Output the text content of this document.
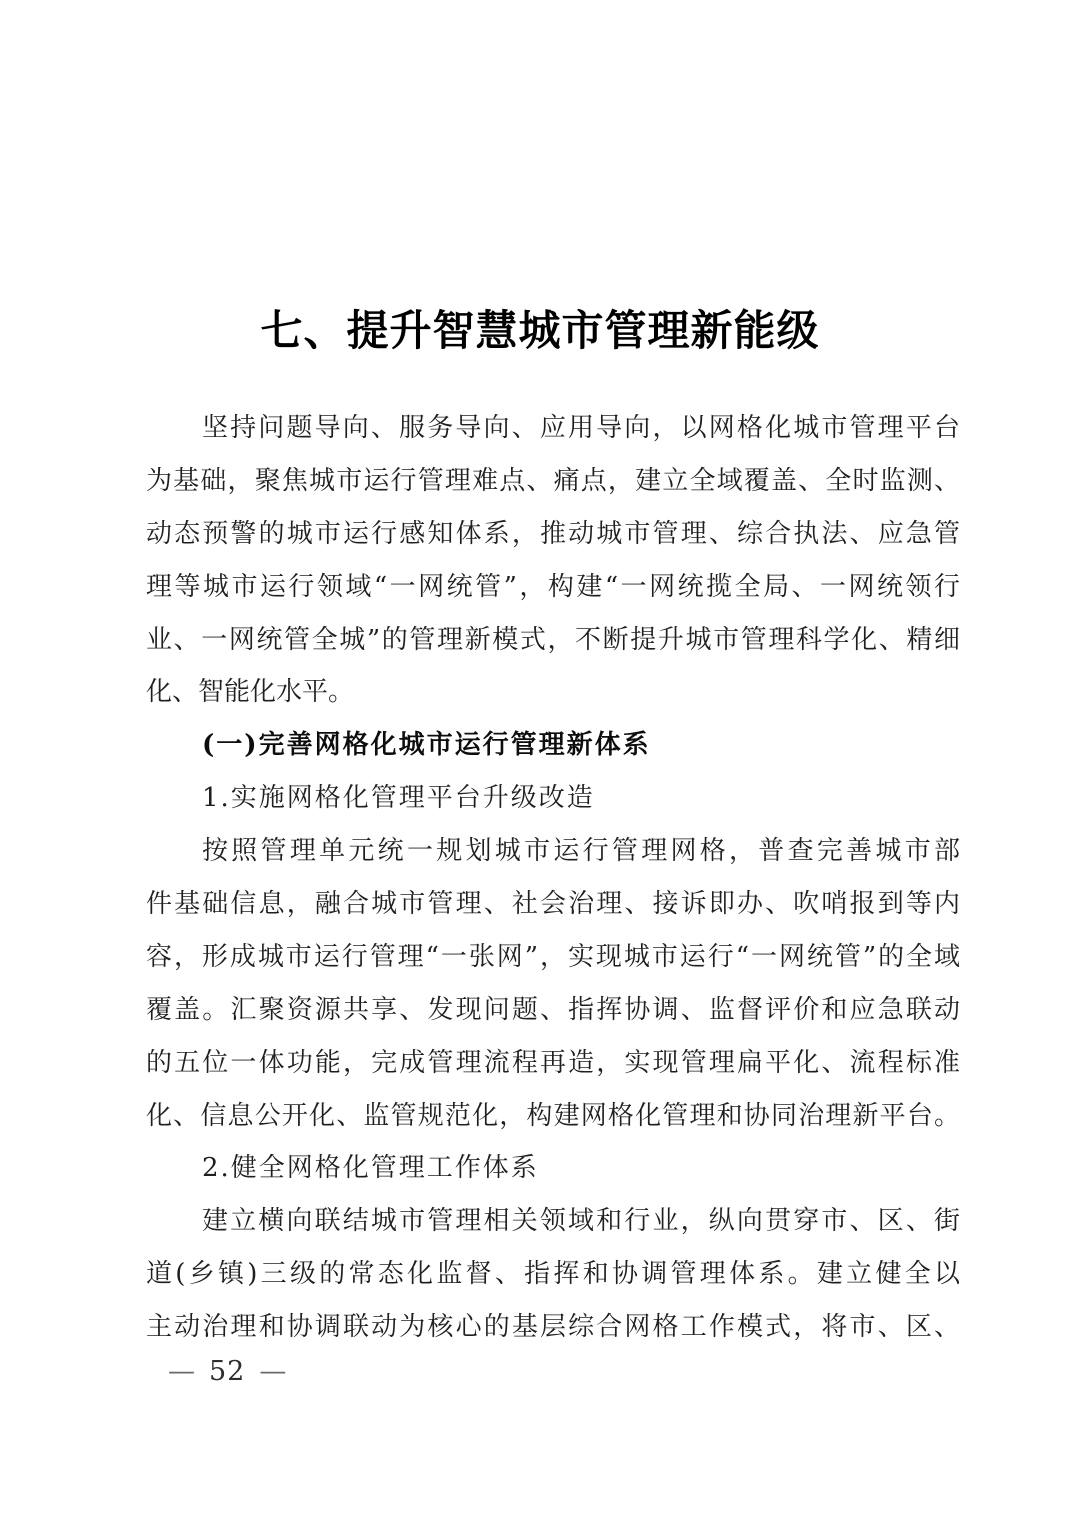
七、提升智慧城市管理新能级
坚持问题导向、服务导向、应用导向，以网格化城市管理平台
为基础，聚焦城市运行管理难点、痛点，建立全域覆盖、全时监测、
动态预警的城市运行感知体系，推动城市管理、综合执法、应急管
理等城市运行领域“一网统管”，构建“一网统揽全局、一网统领行
业、一网统管全城”的管理新模式，不断提升城市管理科学化、精细
化、智能化水平。
(一)完善网格化城市运行管理新体系
1.实施网格化管理平台升级改造
按照管理单元统一规划城市运行管理网格，普查完善城市部
件基础信息，融合城市管理、社会治理、接诉即办、吹哨报到等内
容，形成城市运行管理“一张网”，实现城市运行“一网统管”的全域
覆盖。汇聚资源共享、发现问题、指挥协调、监督评价和应急联动
的五位一体功能，完成管理流程再造，实现管理扁平化、流程标准
化、信息公开化、监管规范化，构建网格化管理和协同治理新平台。
2.健全网格化管理工作体系
建立横向联结城市管理相关领域和行业，纵向贯穿市、区、街
道(乡镇)三级的常态化监督、指挥和协调管理体系。建立健全以
主动治理和协调联动为核心的基层综合网格工作模式，将市、区、
— 52 —
